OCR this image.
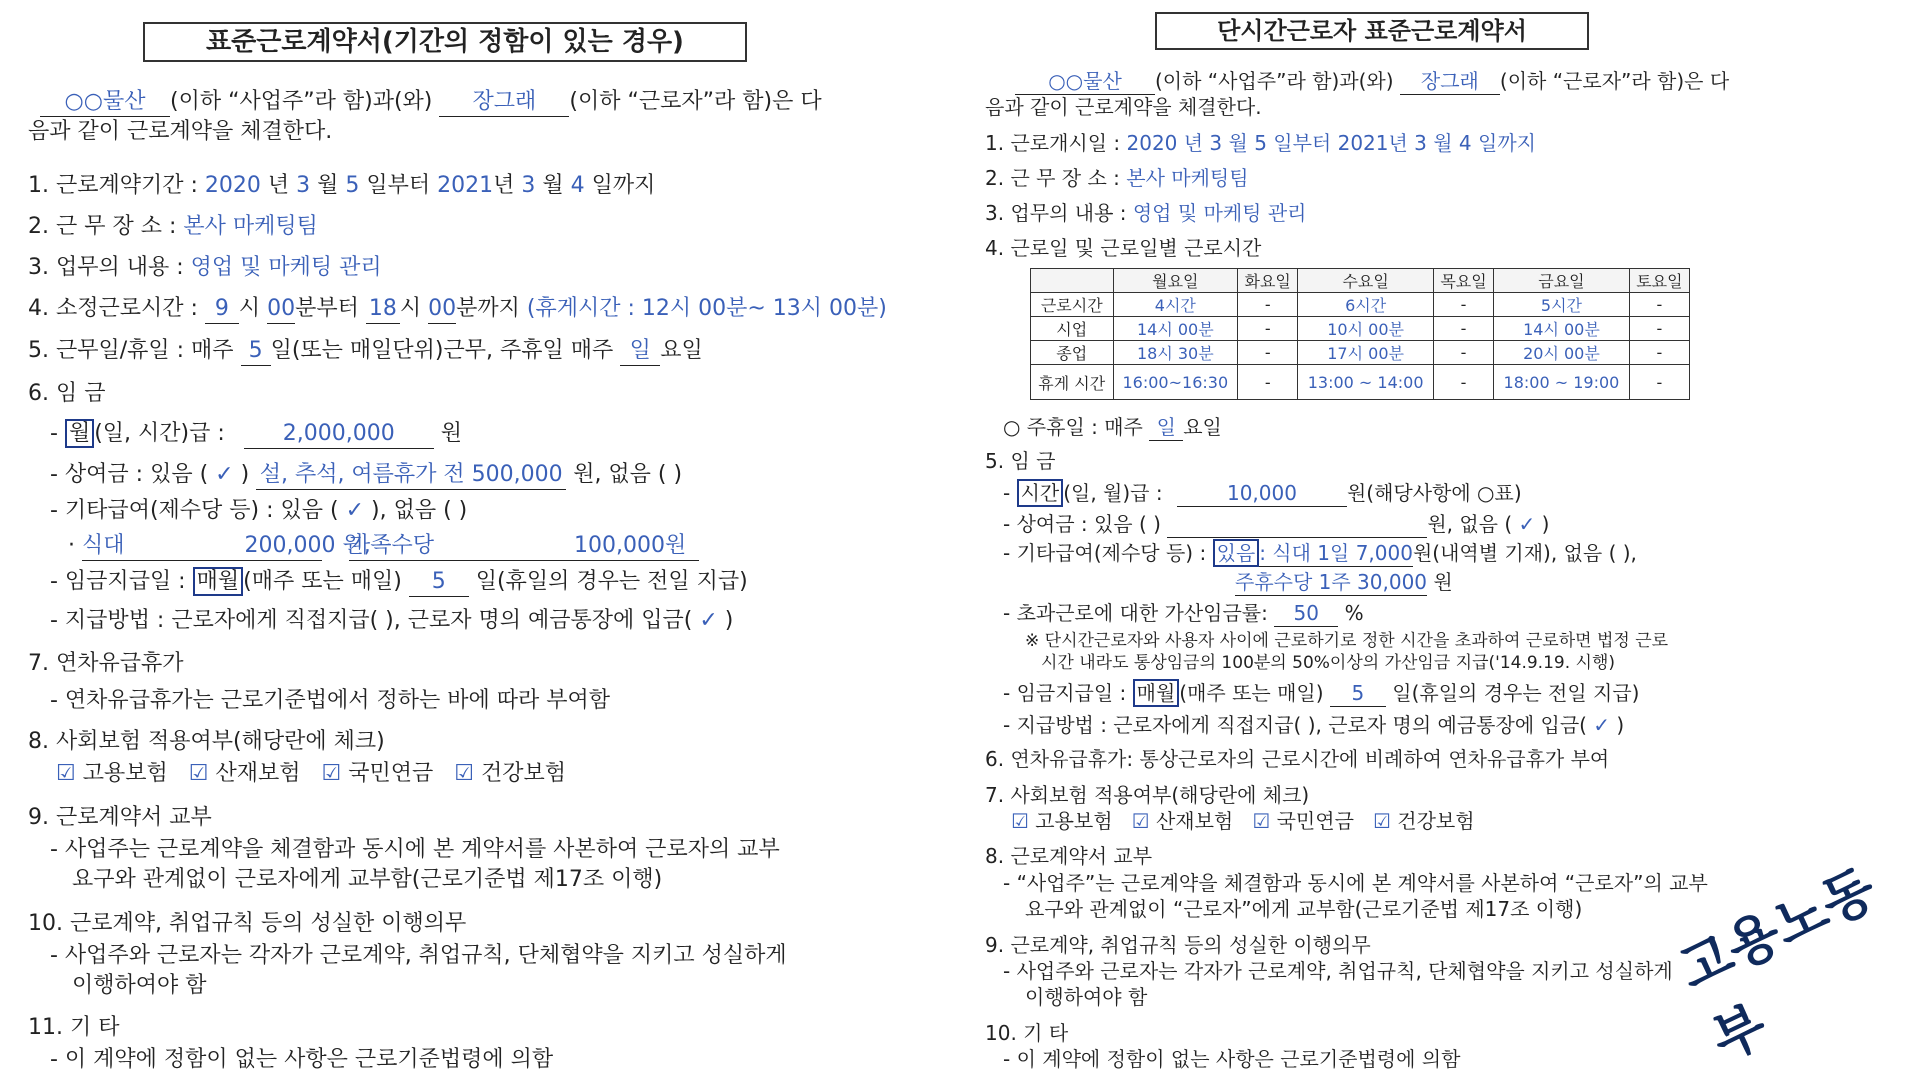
표준근로계약서(기간의 정함이 있는 경우)
○○물산 (이하 “사업주”라 함)과(와) 장그래 (이하 “근로자”라 함)은 다
음과 같이 근로계약을 체결한다.
1. 근로계약기간 : 2020 년 3 월 5 일부터 2021년 3 월 4 일까지
2. 근 무 장 소 : 본사 마케팅팀
3. 업무의 내용 : 영업 및 마케팅 관리
4. 소정근로시간 : 9 시 00분부터 18 시 00분까지 (휴게시간 : 12시 00분~ 13시 00분)
5. 근무일/휴일 : 매주 5 일(또는 매일단위)근무, 주휴일 매주 일 요일
6. 임 금
- 월 (일, 시간)급 :	2,000,000 원
- 상여금 : 있음 ( ✓ ) 설, 추석, 여름휴가 전 500,000 원, 없음 ( )
- 기타급여(제수당 등) : 있음 ( ✓ ), 없음 ( )
· 식대	200,000 원, 가족수당	100,000원
- 임금지급일 : 매월 (매주 또는 매일) 5 일(휴일의 경우는 전일 지급)
- 지급방법 : 근로자에게 직접지급( ), 근로자 명의 예금통장에 입금( ✓ )
7. 연차유급휴가
- 연차유급휴가는 근로기준법에서 정하는 바에 따라 부여함
8. 사회보험 적용여부(해당란에 체크)
☑ 고용보험 ☑ 산재보험 ☑ 국민연금 ☑ 건강보험
9. 근로계약서 교부
- 사업주는 근로계약을 체결함과 동시에 본 계약서를 사본하여 근로자의 교부
요구와 관계없이 근로자에게 교부함(근로기준법 제17조 이행)
10. 근로계약, 취업규칙 등의 성실한 이행의무
- 사업주와 근로자는 각자가 근로계약, 취업규칙, 단체협약을 지키고 성실하게
이행하여야 함
11. 기 타
- 이 계약에 정함이 없는 사항은 근로기준법령에 의함
단시간근로자 표준근로계약서
○○물산 (이하 “사업주”라 함)과(와) 장그래 (이하 “근로자”라 함)은 다
음과 같이 근로계약을 체결한다.
1. 근로개시일 : 2020 년 3 월 5 일부터 2021년 3 월 4 일까지
2. 근 무 장 소 : 본사 마케팅팀
3. 업무의 내용 : 영업 및 마케팅 관리
4. 근로일 및 근로일별 근로시간
	월요일	화요일	수요일	목요일	금요일	토요일
근로시간	4시간	-	6시간	-	5시간	-
시업	14시 00분	-	10시 00분	-	14시 00분	-
종업	18시 30분	-	17시 00분	-	20시 00분	-
휴게 시간	16:00~16:30	-	13:00 ~ 14:00	-	18:00 ~ 19:00	-
○ 주휴일 : 매주 일 요일
5. 임 금
- 시간 (일, 월)급 :	10,000	원(해당사항에 ○표)
- 상여금 : 있음 ( )	원, 없음 ( ✓ )
- 기타급여(제수당 등) : 있음 : 식대 1일 7,000원(내역별 기재), 없음 ( ),
주휴수당 1주 30,000 원
- 초과근로에 대한 가산임금률: 50 %
※ 단시간근로자와 사용자 사이에 근로하기로 정한 시간을 초과하여 근로하면 법정 근로
시간 내라도 통상임금의 100분의 50%이상의 가산임금 지급('14.9.19. 시행)
- 임금지급일 : 매월 (매주 또는 매일) 5 일(휴일의 경우는 전일 지급)
- 지급방법 : 근로자에게 직접지급( ), 근로자 명의 예금통장에 입금( ✓ )
6. 연차유급휴가: 통상근로자의 근로시간에 비례하여 연차유급휴가 부여
7. 사회보험 적용여부(해당란에 체크)
☑ 고용보험 ☑ 산재보험 ☑ 국민연금 ☑ 건강보험
8. 근로계약서 교부
- “사업주”는 근로계약을 체결함과 동시에 본 계약서를 사본하여 “근로자”의 교부
요구와 관계없이 “근로자”에게 교부함(근로기준법 제17조 이행)
9. 근로계약, 취업규칙 등의 성실한 이행의무
- 사업주와 근로자는 각자가 근로계약, 취업규칙, 단체협약을 지키고 성실하게
이행하여야 함
10. 기 타
- 이 계약에 정함이 없는 사항은 근로기준법령에 의함
고용노동부
